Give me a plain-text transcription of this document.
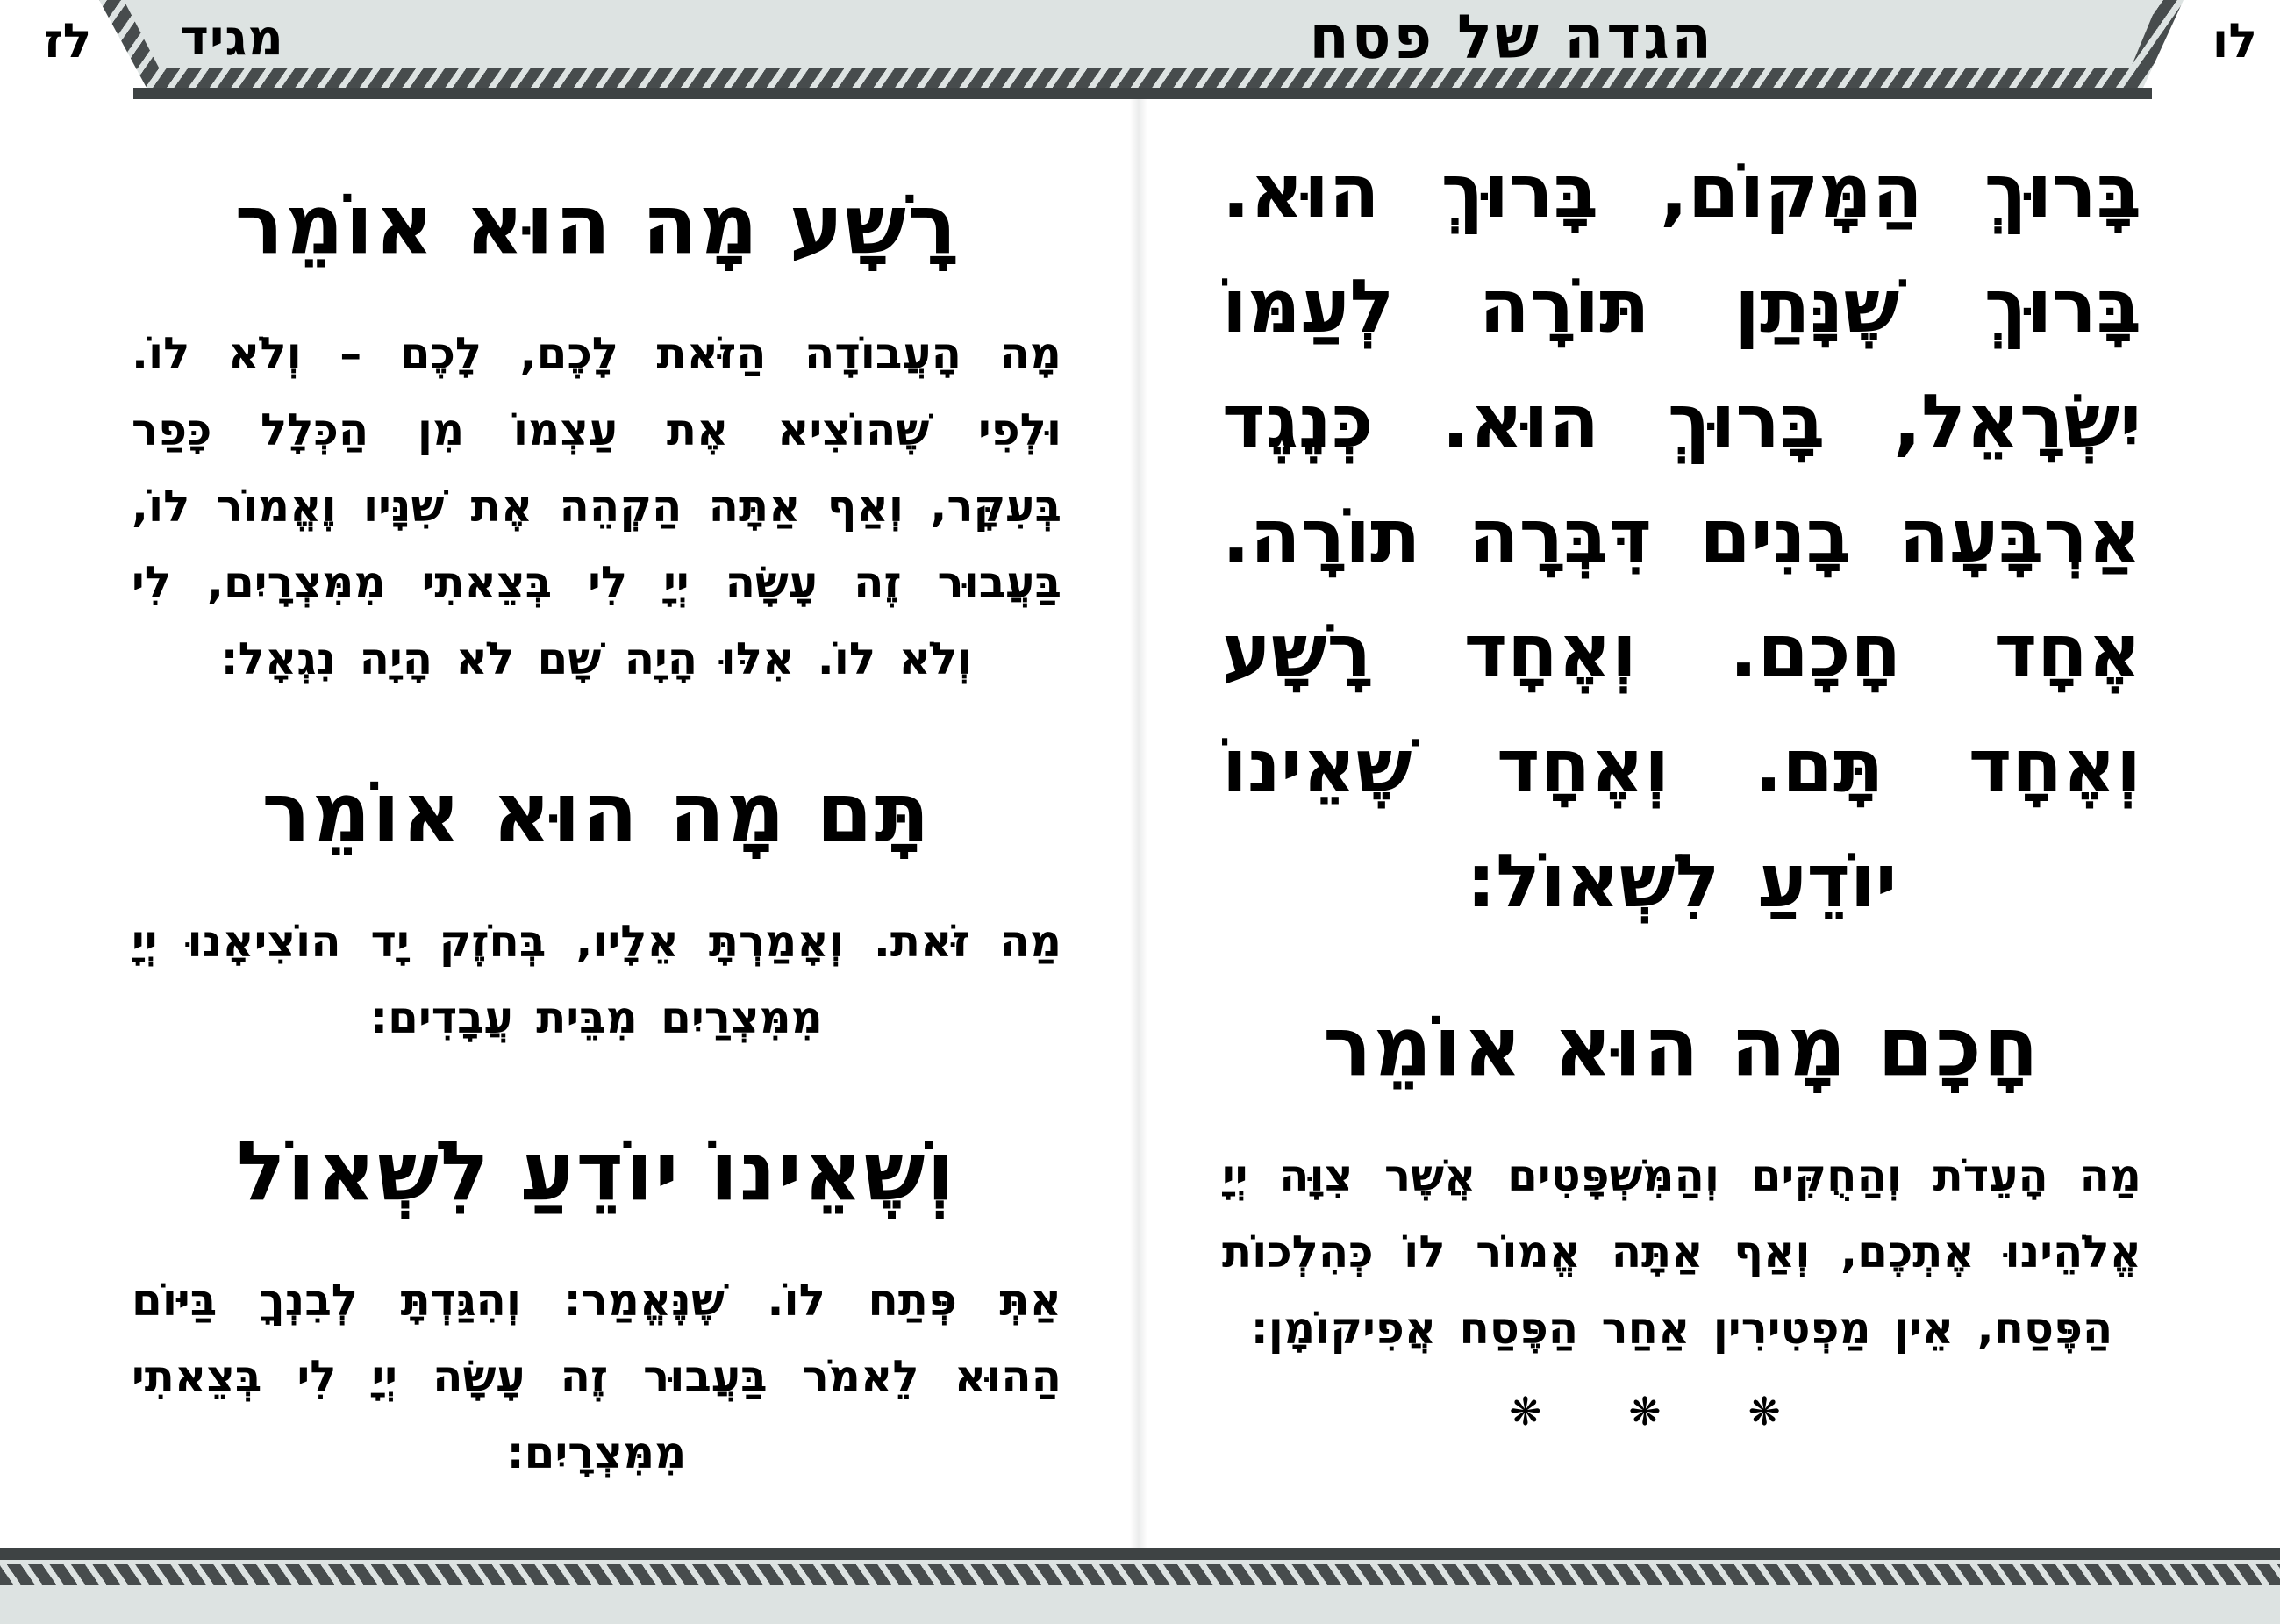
מגיד	הגדה של פסח
לז	לו

בָּרוּךְ הַמָּקוֹם, בָּרוּךְ הוּא. בָּרוּךְ שֶׁנָּתַן תּוֹרָה לְעַמּוֹ יִשְׂרָאֵל, בָּרוּךְ הוּא. כְּנֶגֶד אַרְבָּעָה בָנִים דִּבְּרָה תוֹרָה. אֶחָד חָכָם. וְאֶחָד רָשָׁע וְאֶחָד תָּם. וְאֶחָד שֶׁאֵינוֹ יוֹדֵעַ לִשְׁאוֹל:

חָכָם מָה הוּא אוֹמֵר

מַה הָעֵדֹת וְהַחֻקִּים וְהַמִּשְׁפָּטִים אֲשֶׁר צִוָּה יְיָ אֱלֹהֵינוּ אֶתְכֶם, וְאַף אַתָּה אֱמוֹר לוֹ כְּהִלְכוֹת הַפֶּסַח, אֵין מַפְטִירִין אַחַר הַפֶּסַח אֲפִיקוֹמָן:

❋ ❋ ❋
רָשָׁע מָה הוּא אוֹמֵר

מָה הָעֲבוֹדָה הַזֹּאת לָכֶם, לָכֶם – וְלֹא לוֹ. וּלְפִי שֶׁהוֹצִיא אֶת עַצְמוֹ מִן הַכְּלָל כָּפַר בְּעִקָּר, וְאַף אַתָּה הַקְהֵה אֶת שִׁנָּיו וֶאֱמוֹר לוֹ, בַּעֲבוּר זֶה עָשָׂה יְיָ לִי בְּצֵאתִי מִמִּצְרָיִם, לִי וְלֹא לוֹ. אִלּוּ הָיָה שָׁם לֹא הָיָה נִגְאָל:

תָּם מָה הוּא אוֹמֵר

מַה זֹּאת. וְאָמַרְתָּ אֵלָיו, בְּחֹזֶק יָד הוֹצִיאָנוּ יְיָ מִמִּצְרַיִם מִבֵּית עֲבָדִים:

וְשֶׁאֵינוֹ יוֹדֵעַ לִשְׁאוֹל

אַתְּ פְּתַח לוֹ. שֶׁנֶּאֱמַר: וְהִגַּדְתָּ לְבִנְךָ בַּיּוֹם הַהוּא לֵאמֹר בַּעֲבוּר זֶה עָשָׂה יְיָ לִי בְּצֵאתִי מִמִּצְרָיִם:
